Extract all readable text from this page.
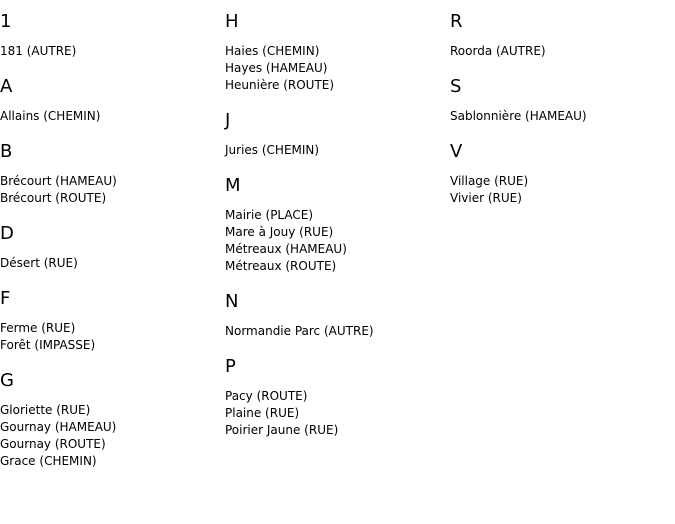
1
181 (AUTRE)
A
Allains (CHEMIN)
B
Brécourt (HAMEAU)
Brécourt (ROUTE)
D
Désert (RUE)
F
Ferme (RUE)
Forêt (IMPASSE)
G
Gloriette (RUE)
Gournay (HAMEAU)
Gournay (ROUTE)
Grace (CHEMIN)
H
Haies (CHEMIN)
Hayes (HAMEAU)
Heunière (ROUTE)
J
Juries (CHEMIN)
M
Mairie (PLACE)
Mare à Jouy (RUE)
Métreaux (HAMEAU)
Métreaux (ROUTE)
N
Normandie Parc (AUTRE)
P
Pacy (ROUTE)
Plaine (RUE)
Poirier Jaune (RUE)
R
Roorda (AUTRE)
S
Sablonnière (HAMEAU)
V
Village (RUE)
Vivier (RUE)
